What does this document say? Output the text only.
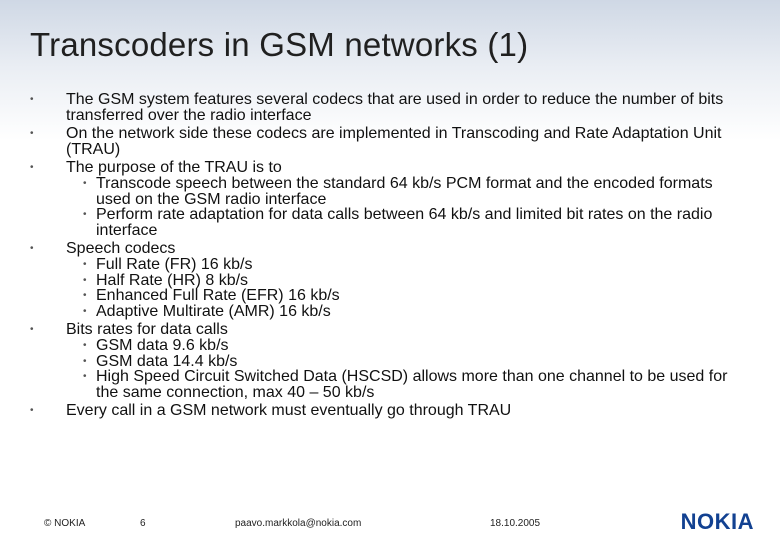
Transcoders in GSM networks (1)
• The GSM system features several codecs that are used in order to reduce the number of bits transferred over the radio interface
• On the network side these codecs are implemented in Transcoding and Rate Adaptation Unit (TRAU)
• The purpose of the TRAU is to
• Transcode speech between the standard 64 kb/s PCM format and the encoded formats used on the GSM radio interface
• Perform rate adaptation for data calls between 64 kb/s and limited bit rates on the radio interface
• Speech codecs
• Full Rate (FR) 16 kb/s
• Half Rate (HR) 8 kb/s
• Enhanced Full Rate (EFR) 16 kb/s
• Adaptive Multirate (AMR) 16 kb/s
• Bits rates for data calls
• GSM data 9.6 kb/s
• GSM data 14.4 kb/s
• High Speed Circuit Switched Data (HSCSD) allows more than one channel to be used for the same connection, max 40 – 50 kb/s
• Every call in a GSM network must eventually go through TRAU
© NOKIA	6	paavo.markkola@nokia.com	18.10.2005	NOKIA
